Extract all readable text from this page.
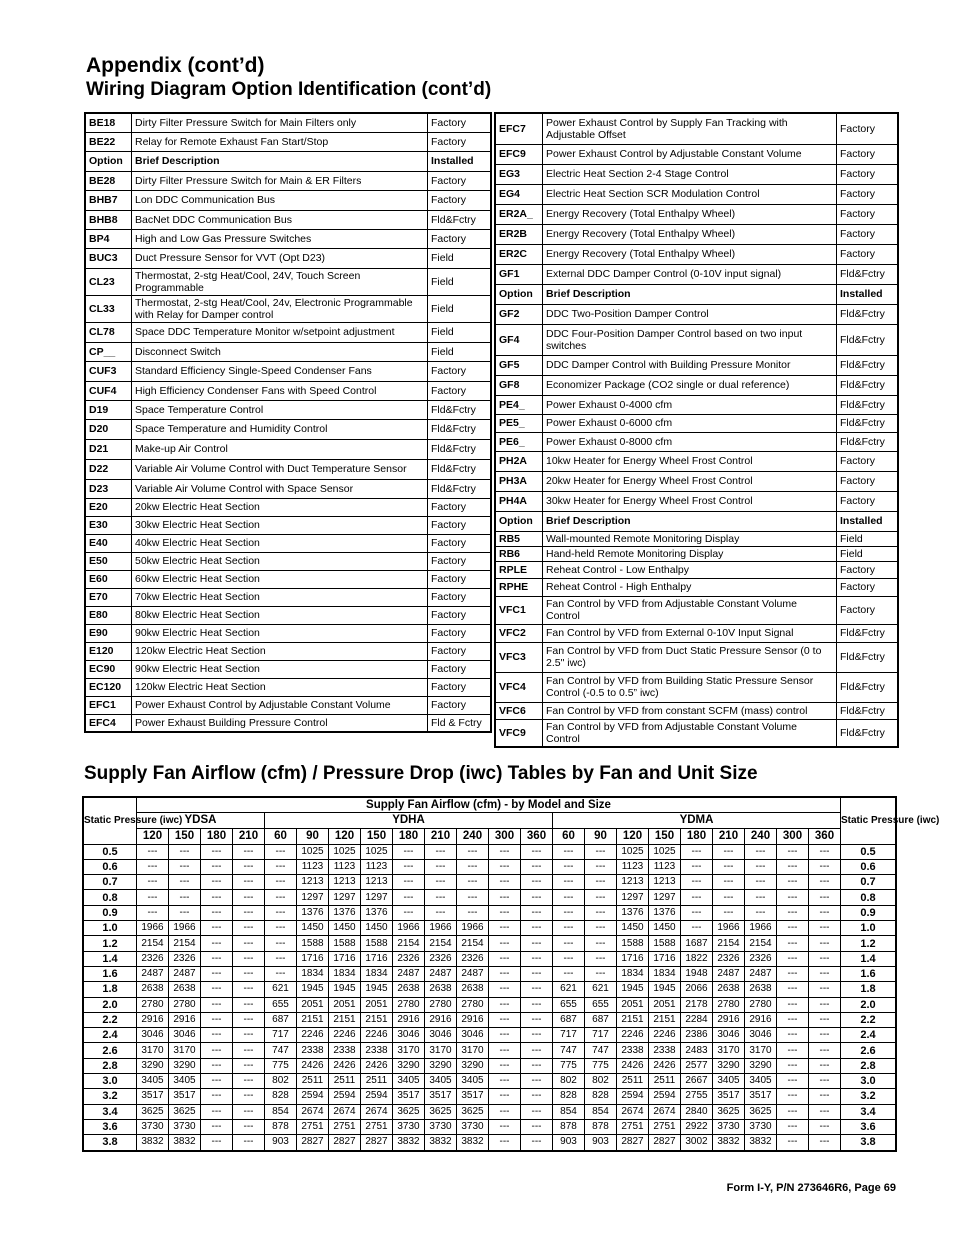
Appendix (cont’d)
Wiring Diagram Option Identification (cont’d)
BE18	Dirty Filter Pressure Switch for Main Filters only	Factory
BE22	Relay for Remote Exhaust Fan Start/Stop	Factory
Option	Brief Description	Installed
BE28	Dirty Filter Pressure Switch for Main & ER Filters	Factory
BHB7	Lon DDC Communication Bus	Factory
BHB8	BacNet DDC Communication Bus	Fld&Fctry
BP4	High and Low Gas Pressure Switches	Factory
BUC3	Duct Pressure Sensor for VVT (Opt D23)	Field
CL23	Thermostat, 2-stg Heat/Cool, 24V, Touch Screen Programmable	Field
CL33	Thermostat, 2-stg Heat/Cool, 24v, Electronic Programmable with Relay for Damper control	Field
CL78	Space DDC Temperature Monitor w/setpoint adjustment	Field
CP__	Disconnect Switch	Field
CUF3	Standard Efficiency Single-Speed Condenser Fans	Factory
CUF4	High Efficiency Condenser Fans with Speed Control	Factory
D19	Space Temperature Control	Fld&Fctry
D20	Space Temperature and Humidity Control	Fld&Fctry
D21	Make-up Air Control	Fld&Fctry
D22	Variable Air Volume Control with Duct Temperature Sensor	Fld&Fctry
D23	Variable Air Volume Control with Space Sensor	Fld&Fctry
E20	20kw Electric Heat Section	Factory
E30	30kw Electric Heat Section	Factory
E40	40kw Electric Heat Section	Factory
E50	50kw Electric Heat Section	Factory
E60	60kw Electric Heat Section	Factory
E70	70kw Electric Heat Section	Factory
E80	80kw Electric Heat Section	Factory
E90	90kw Electric Heat Section	Factory
E120	120kw Electric Heat Section	Factory
EC90	90kw Electric Heat Section	Factory
EC120	120kw Electric Heat Section	Factory
EFC1	Power Exhaust Control by Adjustable Constant Volume	Factory
EFC4	Power Exhaust Building Pressure Control	Fld & Fctry
EFC7	Power Exhaust Control by Supply Fan Tracking with Adjustable Offset	Factory
EFC9	Power Exhaust Control by Adjustable Constant Volume	Factory
EG3	Electric Heat Section 2-4 Stage Control	Factory
EG4	Electric Heat Section SCR Modulation Control	Factory
ER2A_	Energy Recovery (Total Enthalpy Wheel)	Factory
ER2B	Energy Recovery (Total Enthalpy Wheel)	Factory
ER2C	Energy Recovery (Total Enthalpy Wheel)	Factory
GF1	External DDC Damper Control (0-10V input signal)	Fld&Fctry
Option	Brief Description	Installed
GF2	DDC Two-Position Damper Control	Fld&Fctry
GF4	DDC Four-Position Damper Control based on two input switches	Fld&Fctry
GF5	DDC Damper Control with Building Pressure Monitor	Fld&Fctry
GF8	Economizer Package (CO2 single or dual reference)	Fld&Fctry
PE4_	Power Exhaust 0-4000 cfm	Fld&Fctry
PE5_	Power Exhaust 0-6000 cfm	Fld&Fctry
PE6_	Power Exhaust 0-8000 cfm	Fld&Fctry
PH2A	10kw Heater for Energy Wheel Frost Control	Factory
PH3A	20kw Heater for Energy Wheel Frost Control	Factory
PH4A	30kw Heater for Energy Wheel Frost Control	Factory
Option	Brief Description	Installed
RB5	Wall-mounted Remote Monitoring Display	Field
RB6	Hand-held Remote Monitoring Display	Field
RPLE	Reheat Control - Low Enthalpy	Factory
RPHE	Reheat Control - High Enthalpy	Factory
VFC1	Fan Control by VFD from Adjustable Constant Volume Control	Factory
VFC2	Fan Control by VFD from External 0-10V Input Signal	Fld&Fctry
VFC3	Fan Control by VFD from Duct Static Pressure Sensor (0 to 2.5" iwc)	Fld&Fctry
VFC4	Fan Control by VFD from Building Static Pressure Sensor Control (-0.5 to 0.5” iwc)	Fld&Fctry
VFC6	Fan Control by VFD from constant SCFM (mass) control	Fld&Fctry
VFC9	Fan Control by VFD from Adjustable Constant Volume Control	Fld&Fctry
Supply Fan Airflow (cfm) / Pressure Drop (iwc) Tables by Fan and Unit Size
Static Pressure (iwc)	Supply Fan Airflow (cfm) - by Model and Size																						Static Pressure (iwc)
	YDSA				YDHA									YDMA									
	120	150	180	210	60	90	120	150	180	210	240	300	360	60	90	120	150	180	210	240	300	360	
0.5	---	---	---	---	---	1025	1025	1025	---	---	---	---	---	---	---	1025	1025	---	---	---	---	---	0.5
0.6	---	---	---	---	---	1123	1123	1123	---	---	---	---	---	---	---	1123	1123	---	---	---	---	---	0.6
0.7	---	---	---	---	---	1213	1213	1213	---	---	---	---	---	---	---	1213	1213	---	---	---	---	---	0.7
0.8	---	---	---	---	---	1297	1297	1297	---	---	---	---	---	---	---	1297	1297	---	---	---	---	---	0.8
0.9	---	---	---	---	---	1376	1376	1376	---	---	---	---	---	---	---	1376	1376	---	---	---	---	---	0.9
1.0	1966	1966	---	---	---	1450	1450	1450	1966	1966	1966	---	---	---	---	1450	1450	---	1966	1966	---	---	1.0
1.2	2154	2154	---	---	---	1588	1588	1588	2154	2154	2154	---	---	---	---	1588	1588	1687	2154	2154	---	---	1.2
1.4	2326	2326	---	---	---	1716	1716	1716	2326	2326	2326	---	---	---	---	1716	1716	1822	2326	2326	---	---	1.4
1.6	2487	2487	---	---	---	1834	1834	1834	2487	2487	2487	---	---	---	---	1834	1834	1948	2487	2487	---	---	1.6
1.8	2638	2638	---	---	621	1945	1945	1945	2638	2638	2638	---	---	621	621	1945	1945	2066	2638	2638	---	---	1.8
2.0	2780	2780	---	---	655	2051	2051	2051	2780	2780	2780	---	---	655	655	2051	2051	2178	2780	2780	---	---	2.0
2.2	2916	2916	---	---	687	2151	2151	2151	2916	2916	2916	---	---	687	687	2151	2151	2284	2916	2916	---	---	2.2
2.4	3046	3046	---	---	717	2246	2246	2246	3046	3046	3046	---	---	717	717	2246	2246	2386	3046	3046	---	---	2.4
2.6	3170	3170	---	---	747	2338	2338	2338	3170	3170	3170	---	---	747	747	2338	2338	2483	3170	3170	---	---	2.6
2.8	3290	3290	---	---	775	2426	2426	2426	3290	3290	3290	---	---	775	775	2426	2426	2577	3290	3290	---	---	2.8
3.0	3405	3405	---	---	802	2511	2511	2511	3405	3405	3405	---	---	802	802	2511	2511	2667	3405	3405	---	---	3.0
3.2	3517	3517	---	---	828	2594	2594	2594	3517	3517	3517	---	---	828	828	2594	2594	2755	3517	3517	---	---	3.2
3.4	3625	3625	---	---	854	2674	2674	2674	3625	3625	3625	---	---	854	854	2674	2674	2840	3625	3625	---	---	3.4
3.6	3730	3730	---	---	878	2751	2751	2751	3730	3730	3730	---	---	878	878	2751	2751	2922	3730	3730	---	---	3.6
3.8	3832	3832	---	---	903	2827	2827	2827	3832	3832	3832	---	---	903	903	2827	2827	3002	3832	3832	---	---	3.8
Form I-Y, P/N 273646R6, Page 69
